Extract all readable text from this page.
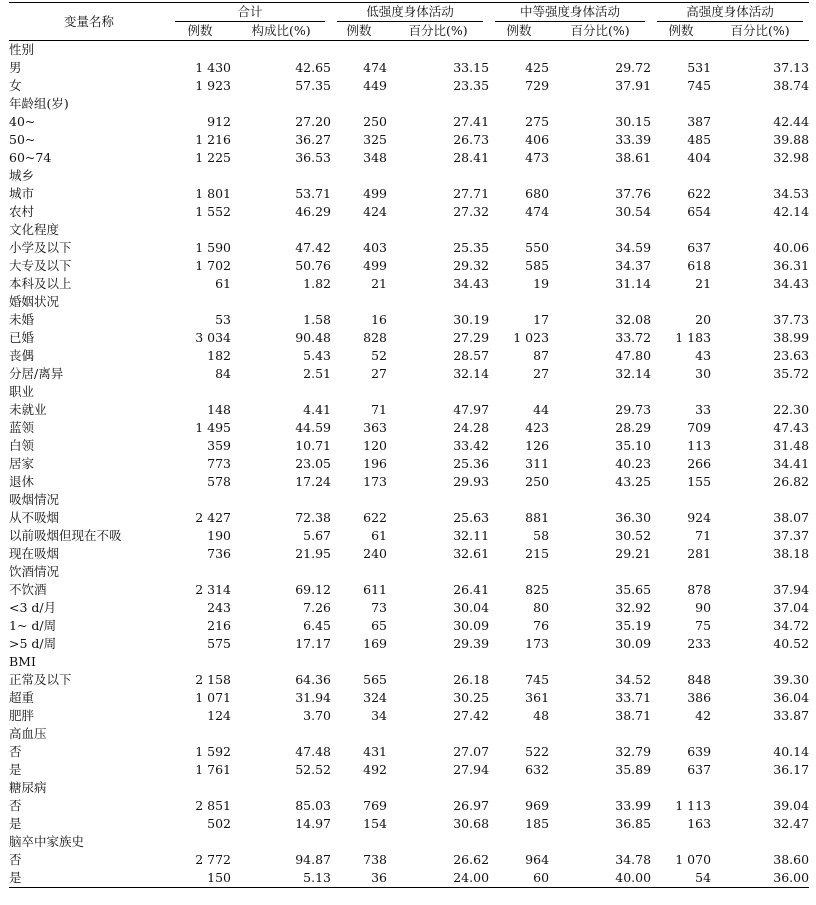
变量名称	合计		低强度身体活动		中等强度身体活动		高强度身体活动	

	例数	构成比(%)	例数	百分比(%)	例数	百分比(%)	例数	百分比(%)
性别								
男	1 430	42.65	474	33.15	425	29.72	531	37.13
女	1 923	57.35	449	23.35	729	37.91	745	38.74
年龄组(岁)								
40~	912	27.20	250	27.41	275	30.15	387	42.44
50~	1 216	36.27	325	26.73	406	33.39	485	39.88
60~74	1 225	36.53	348	28.41	473	38.61	404	32.98
城乡								
城市	1 801	53.71	499	27.71	680	37.76	622	34.53
农村	1 552	46.29	424	27.32	474	30.54	654	42.14
文化程度								
小学及以下	1 590	47.42	403	25.35	550	34.59	637	40.06
大专及以下	1 702	50.76	499	29.32	585	34.37	618	36.31
本科及以上	61	1.82	21	34.43	19	31.14	21	34.43
婚姻状况								
未婚	53	1.58	16	30.19	17	32.08	20	37.73
已婚	3 034	90.48	828	27.29	1 023	33.72	1 183	38.99
丧偶	182	5.43	52	28.57	87	47.80	43	23.63
分居/离异	84	2.51	27	32.14	27	32.14	30	35.72
职业								
未就业	148	4.41	71	47.97	44	29.73	33	22.30
蓝领	1 495	44.59	363	24.28	423	28.29	709	47.43
白领	359	10.71	120	33.42	126	35.10	113	31.48
居家	773	23.05	196	25.36	311	40.23	266	34.41
退休	578	17.24	173	29.93	250	43.25	155	26.82
吸烟情况								
从不吸烟	2 427	72.38	622	25.63	881	36.30	924	38.07
以前吸烟但现在不吸	190	5.67	61	32.11	58	30.52	71	37.37
现在吸烟	736	21.95	240	32.61	215	29.21	281	38.18
饮酒情况								
不饮酒	2 314	69.12	611	26.41	825	35.65	878	37.94
<3 d/月	243	7.26	73	30.04	80	32.92	90	37.04
1~ d/周	216	6.45	65	30.09	76	35.19	75	34.72
>5 d/周	575	17.17	169	29.39	173	30.09	233	40.52
BMI								
正常及以下	2 158	64.36	565	26.18	745	34.52	848	39.30
超重	1 071	31.94	324	30.25	361	33.71	386	36.04
肥胖	124	3.70	34	27.42	48	38.71	42	33.87
高血压								
否	1 592	47.48	431	27.07	522	32.79	639	40.14
是	1 761	52.52	492	27.94	632	35.89	637	36.17
糖尿病								
否	2 851	85.03	769	26.97	969	33.99	1 113	39.04
是	502	14.97	154	30.68	185	36.85	163	32.47
脑卒中家族史								
否	2 772	94.87	738	26.62	964	34.78	1 070	38.60
是	150	5.13	36	24.00	60	40.00	54	36.00
